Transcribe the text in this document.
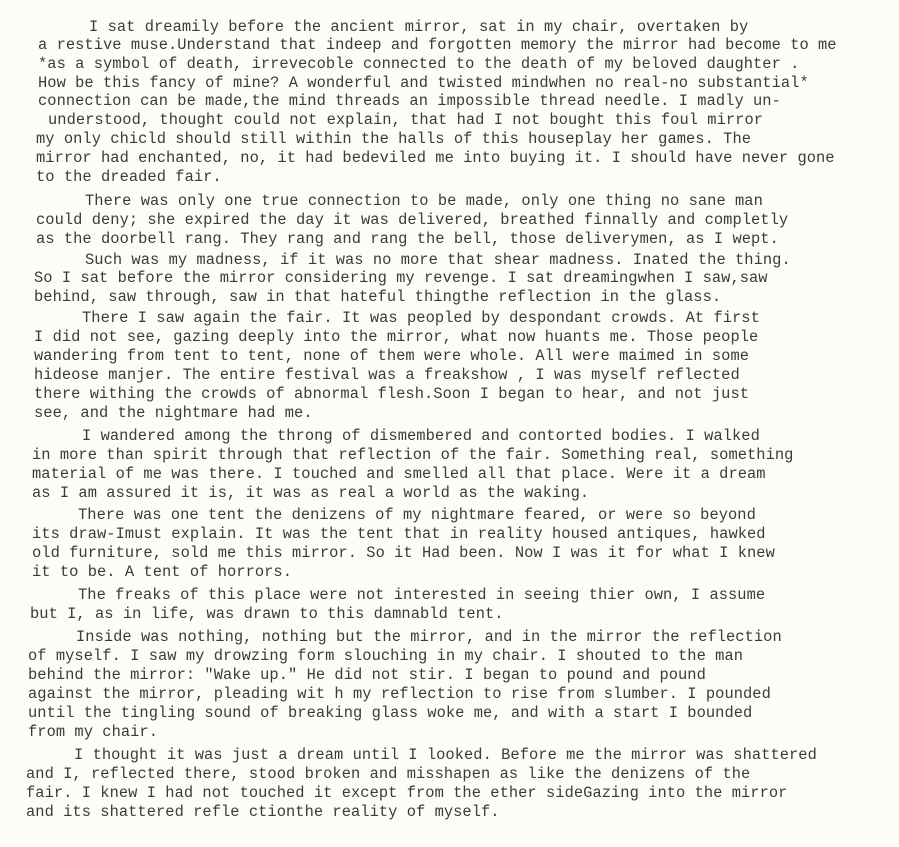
I sat dreamily before the ancient mirror, sat in my chair, overtaken by
a restive muse.Understand that indeep and forgotten memory the mirror had become to me
*as a symbol of death, irrevecoble connected to the death of my beloved daughter .
How be this fancy of mine? A wonderful and twisted mindwhen no real-no substantial*
connection can be made,the mind threads an impossible thread needle. I madly un-
understood, thought could not explain, that had I not bought this foul mirror
my only chicld should still within the halls of this houseplay her games. The
mirror had enchanted, no, it had bedeviled me into buying it. I should have never gone
to the dreaded fair.
There was only one true connection to be made, only one thing no sane man
could deny; she expired the day it was delivered, breathed finnally and completly
as the doorbell rang. They rang and rang the bell, those deliverymen, as I wept.
Such was my madness, if it was no more that shear madness. Inated the thing.
So I sat before the mirror considering my revenge. I sat dreamingwhen I saw,saw
behind, saw through, saw in that hateful thingthe reflection in the glass.
There I saw again the fair. It was peopled by despondant crowds. At first
I did not see, gazing deeply into the mirror, what now huants me. Those people
wandering from tent to tent, none of them were whole. All were maimed in some
hideose manjer. The entire festival was a freakshow , I was myself reflected
there withing the crowds of abnormal flesh.Soon I began to hear, and not just
see, and the nightmare had me.
I wandered among the throng of dismembered and contorted bodies. I walked
in more than spirit through that reflection of the fair. Something real, something
material of me was there. I touched and smelled all that place. Were it a dream
as I am assured it is, it was as real a world as the waking.
There was one tent the denizens of my nightmare feared, or were so beyond
its draw-Imust explain. It was the tent that in reality housed antiques, hawked
old furniture, sold me this mirror. So it Had been. Now I was it for what I knew
it to be. A tent of horrors.
The freaks of this place were not interested in seeing thier own, I assume
but I, as in life, was drawn to this damnabld tent.
Inside was nothing, nothing but the mirror, and in the mirror the reflection
of myself. I saw my drowzing form slouching in my chair. I shouted to the man
behind the mirror: "Wake up." He did not stir. I began to pound and pound
against the mirror, pleading wit h my reflection to rise from slumber. I pounded
until the tingling sound of breaking glass woke me, and with a start I bounded
from my chair.
I thought it was just a dream until I looked. Before me the mirror was shattered
and I, reflected there, stood broken and misshapen as like the denizens of the
fair. I knew I had not touched it except from the ether sideGazing into the mirror
and its shattered refle ctionthe reality of myself.
